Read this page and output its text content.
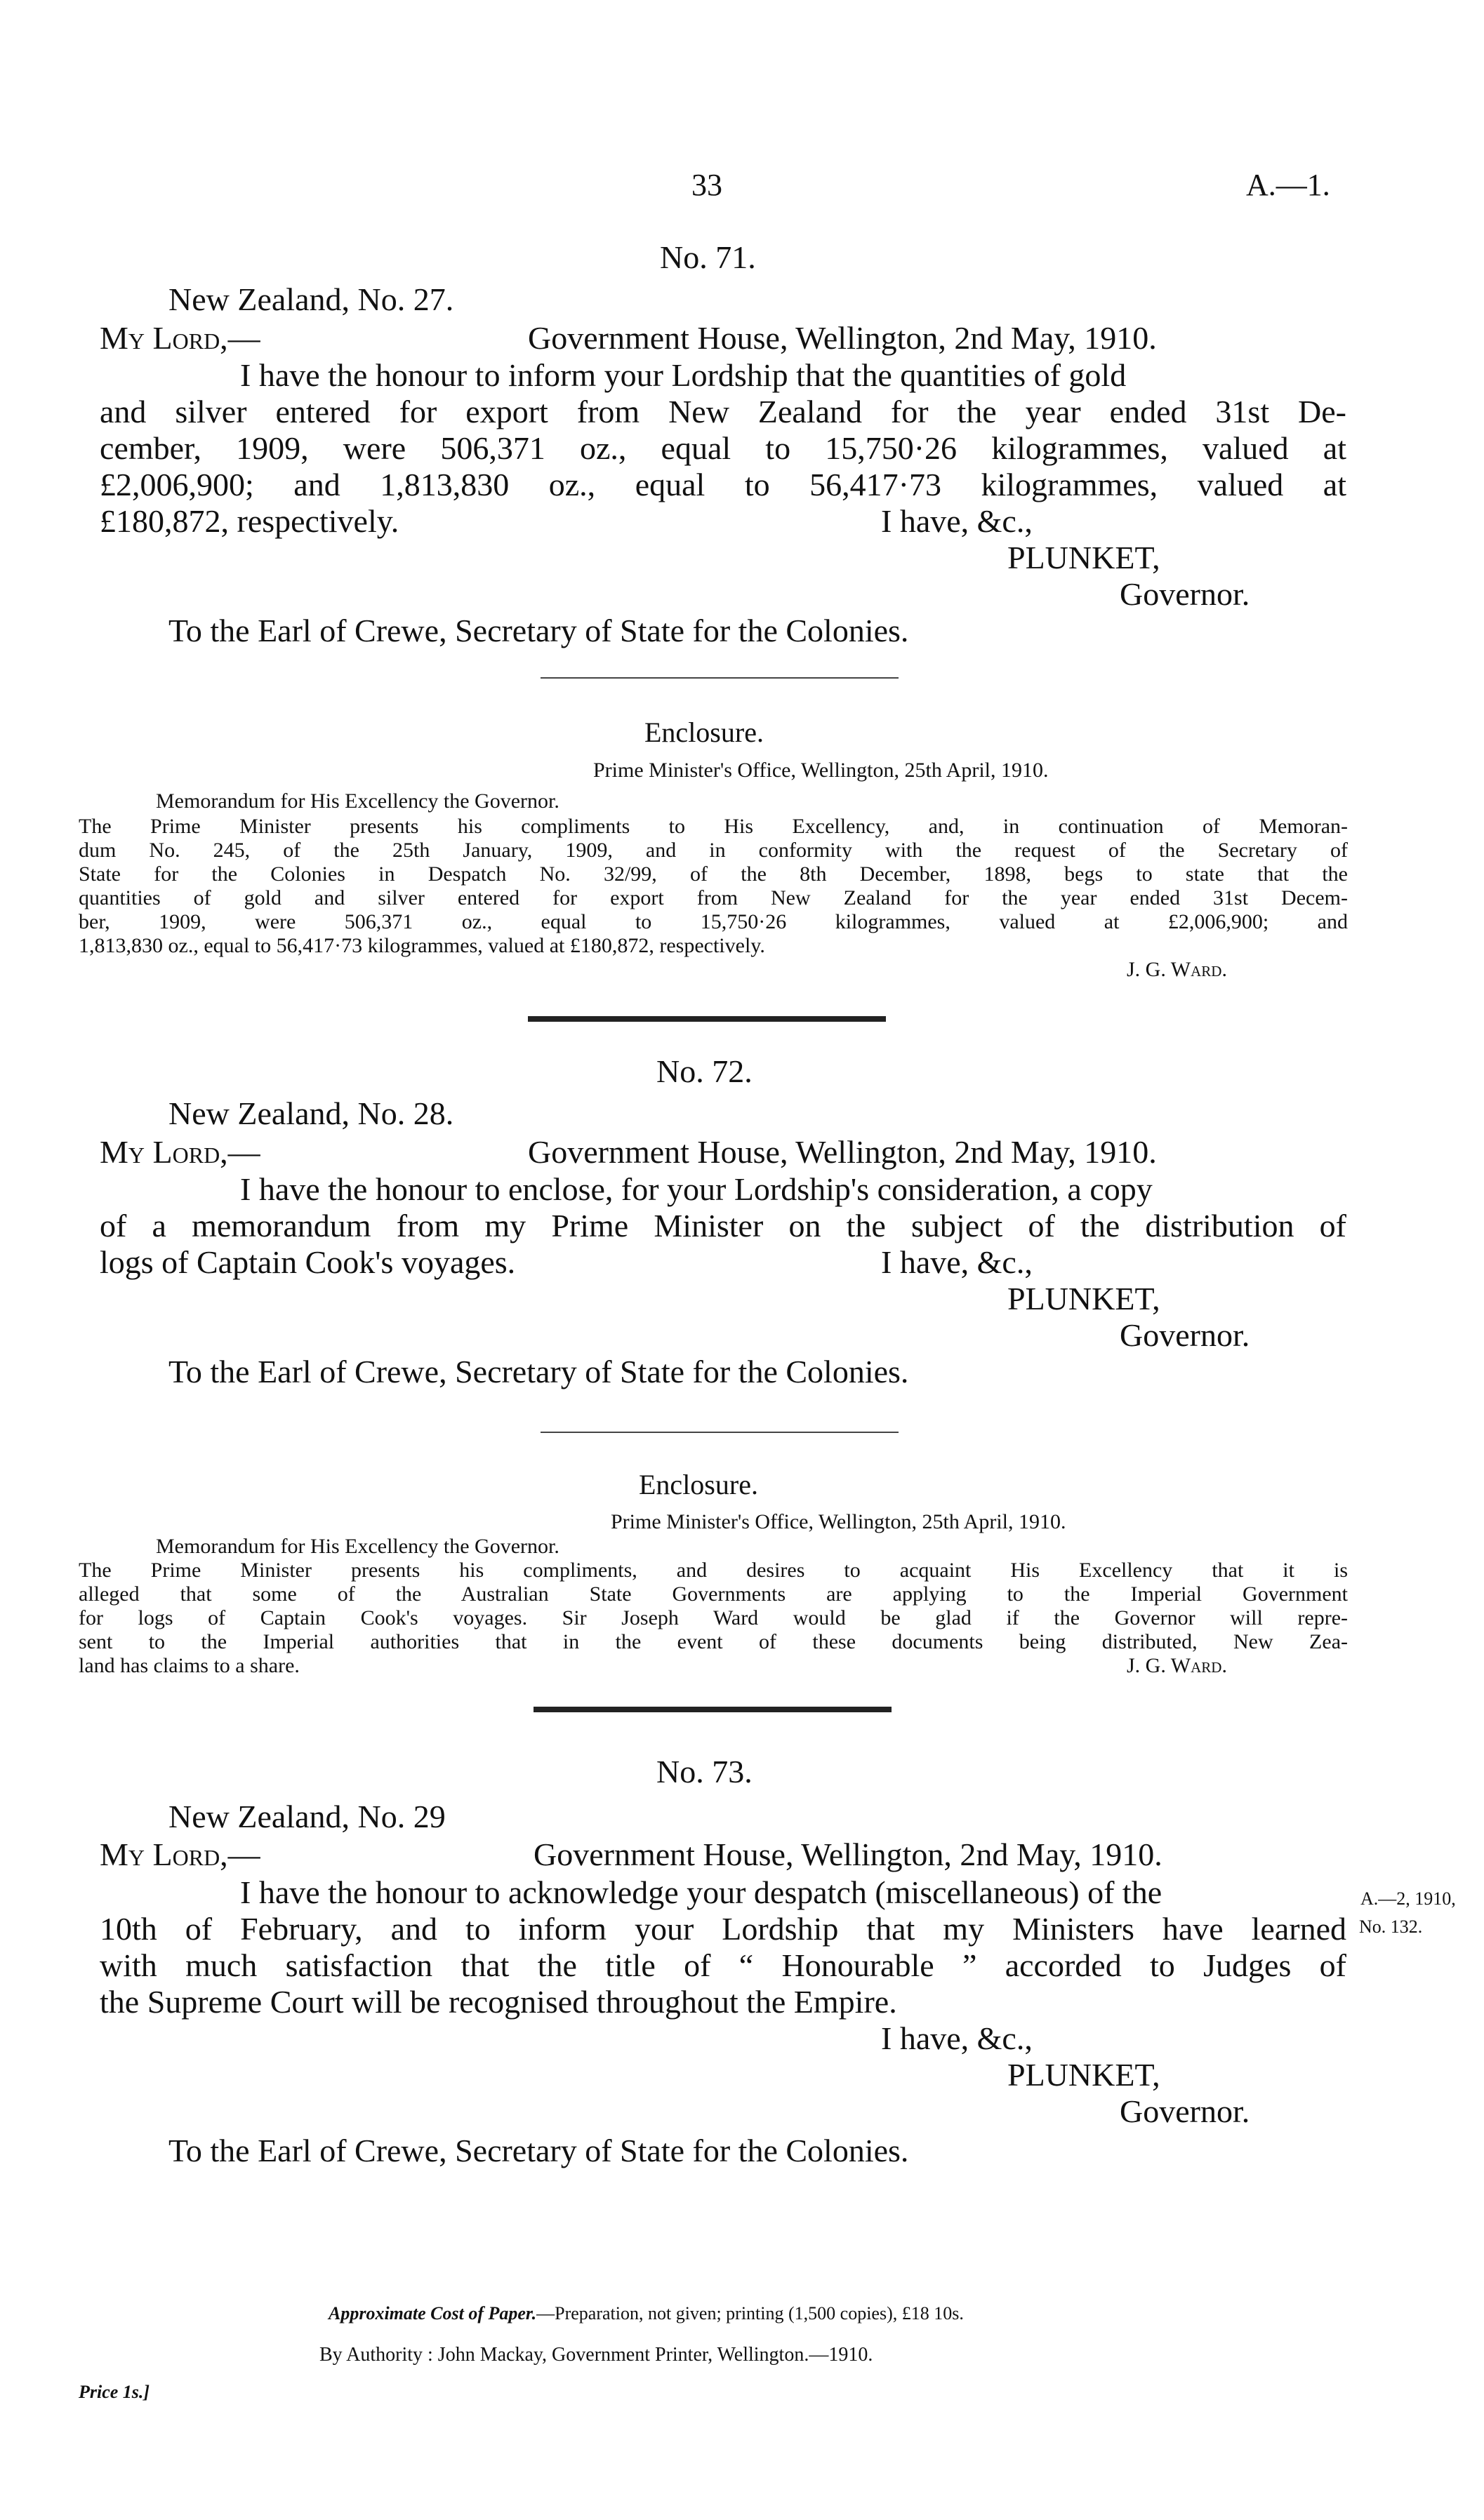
33	A.—1.
No. 71.
New Zealand, No. 27.
My Lord,—	Government House, Wellington, 2nd May, 1910.
I have the honour to inform your Lordship that the quantities of gold
and silver entered for export from New Zealand for the year ended 31st De-
cember, 1909, were 506,371 oz., equal to 15,750·26 kilogrammes, valued at
£2,006,900; and 1,813,830 oz., equal to 56,417·73 kilogrammes, valued at
£180,872, respectively.	I have, &c.,
PLUNKET,
Governor.
To the Earl of Crewe, Secretary of State for the Colonies.
Enclosure.
Prime Minister's Office, Wellington, 25th April, 1910.
Memorandum for His Excellency the Governor.
The Prime Minister presents his compliments to His Excellency, and, in continuation of Memoran-
dum No. 245, of the 25th January, 1909, and in conformity with the request of the Secretary of
State for the Colonies in Despatch No. 32/99, of the 8th December, 1898, begs to state that the
quantities of gold and silver entered for export from New Zealand for the year ended 31st Decem-
ber, 1909, were 506,371 oz., equal to 15,750·26 kilogrammes, valued at £2,006,900; and
1,813,830 oz., equal to 56,417·73 kilogrammes, valued at £180,872, respectively.
J. G. Ward.
No. 72.
New Zealand, No. 28.
My Lord,—	Government House, Wellington, 2nd May, 1910.
I have the honour to enclose, for your Lordship's consideration, a copy
of a memorandum from my Prime Minister on the subject of the distribution of
logs of Captain Cook's voyages.	I have, &c.,
PLUNKET,
Governor.
To the Earl of Crewe, Secretary of State for the Colonies.
Enclosure.
Prime Minister's Office, Wellington, 25th April, 1910.
Memorandum for His Excellency the Governor.
The Prime Minister presents his compliments, and desires to acquaint His Excellency that it is
alleged that some of the Australian State Governments are applying to the Imperial Government
for logs of Captain Cook's voyages. Sir Joseph Ward would be glad if the Governor will repre-
sent to the Imperial authorities that in the event of these documents being distributed, New Zea-
land has claims to a share.	J. G. Ward.
No. 73.
New Zealand, No. 29
My Lord,—	Government House, Wellington, 2nd May, 1910.
I have the honour to acknowledge your despatch (miscellaneous) of the
10th of February, and to inform your Lordship that my Ministers have learned
with much satisfaction that the title of “ Honourable ” accorded to Judges of
the Supreme Court will be recognised throughout the Empire.
I have, &c.,
PLUNKET,
Governor.
To the Earl of Crewe, Secretary of State for the Colonies.
A.—2, 1910,
No. 132.
Approximate Cost of Paper.—Preparation, not given; printing (1,500 copies), £18 10s.
By Authority : John Mackay, Government Printer, Wellington.—1910.
Price 1s.]
